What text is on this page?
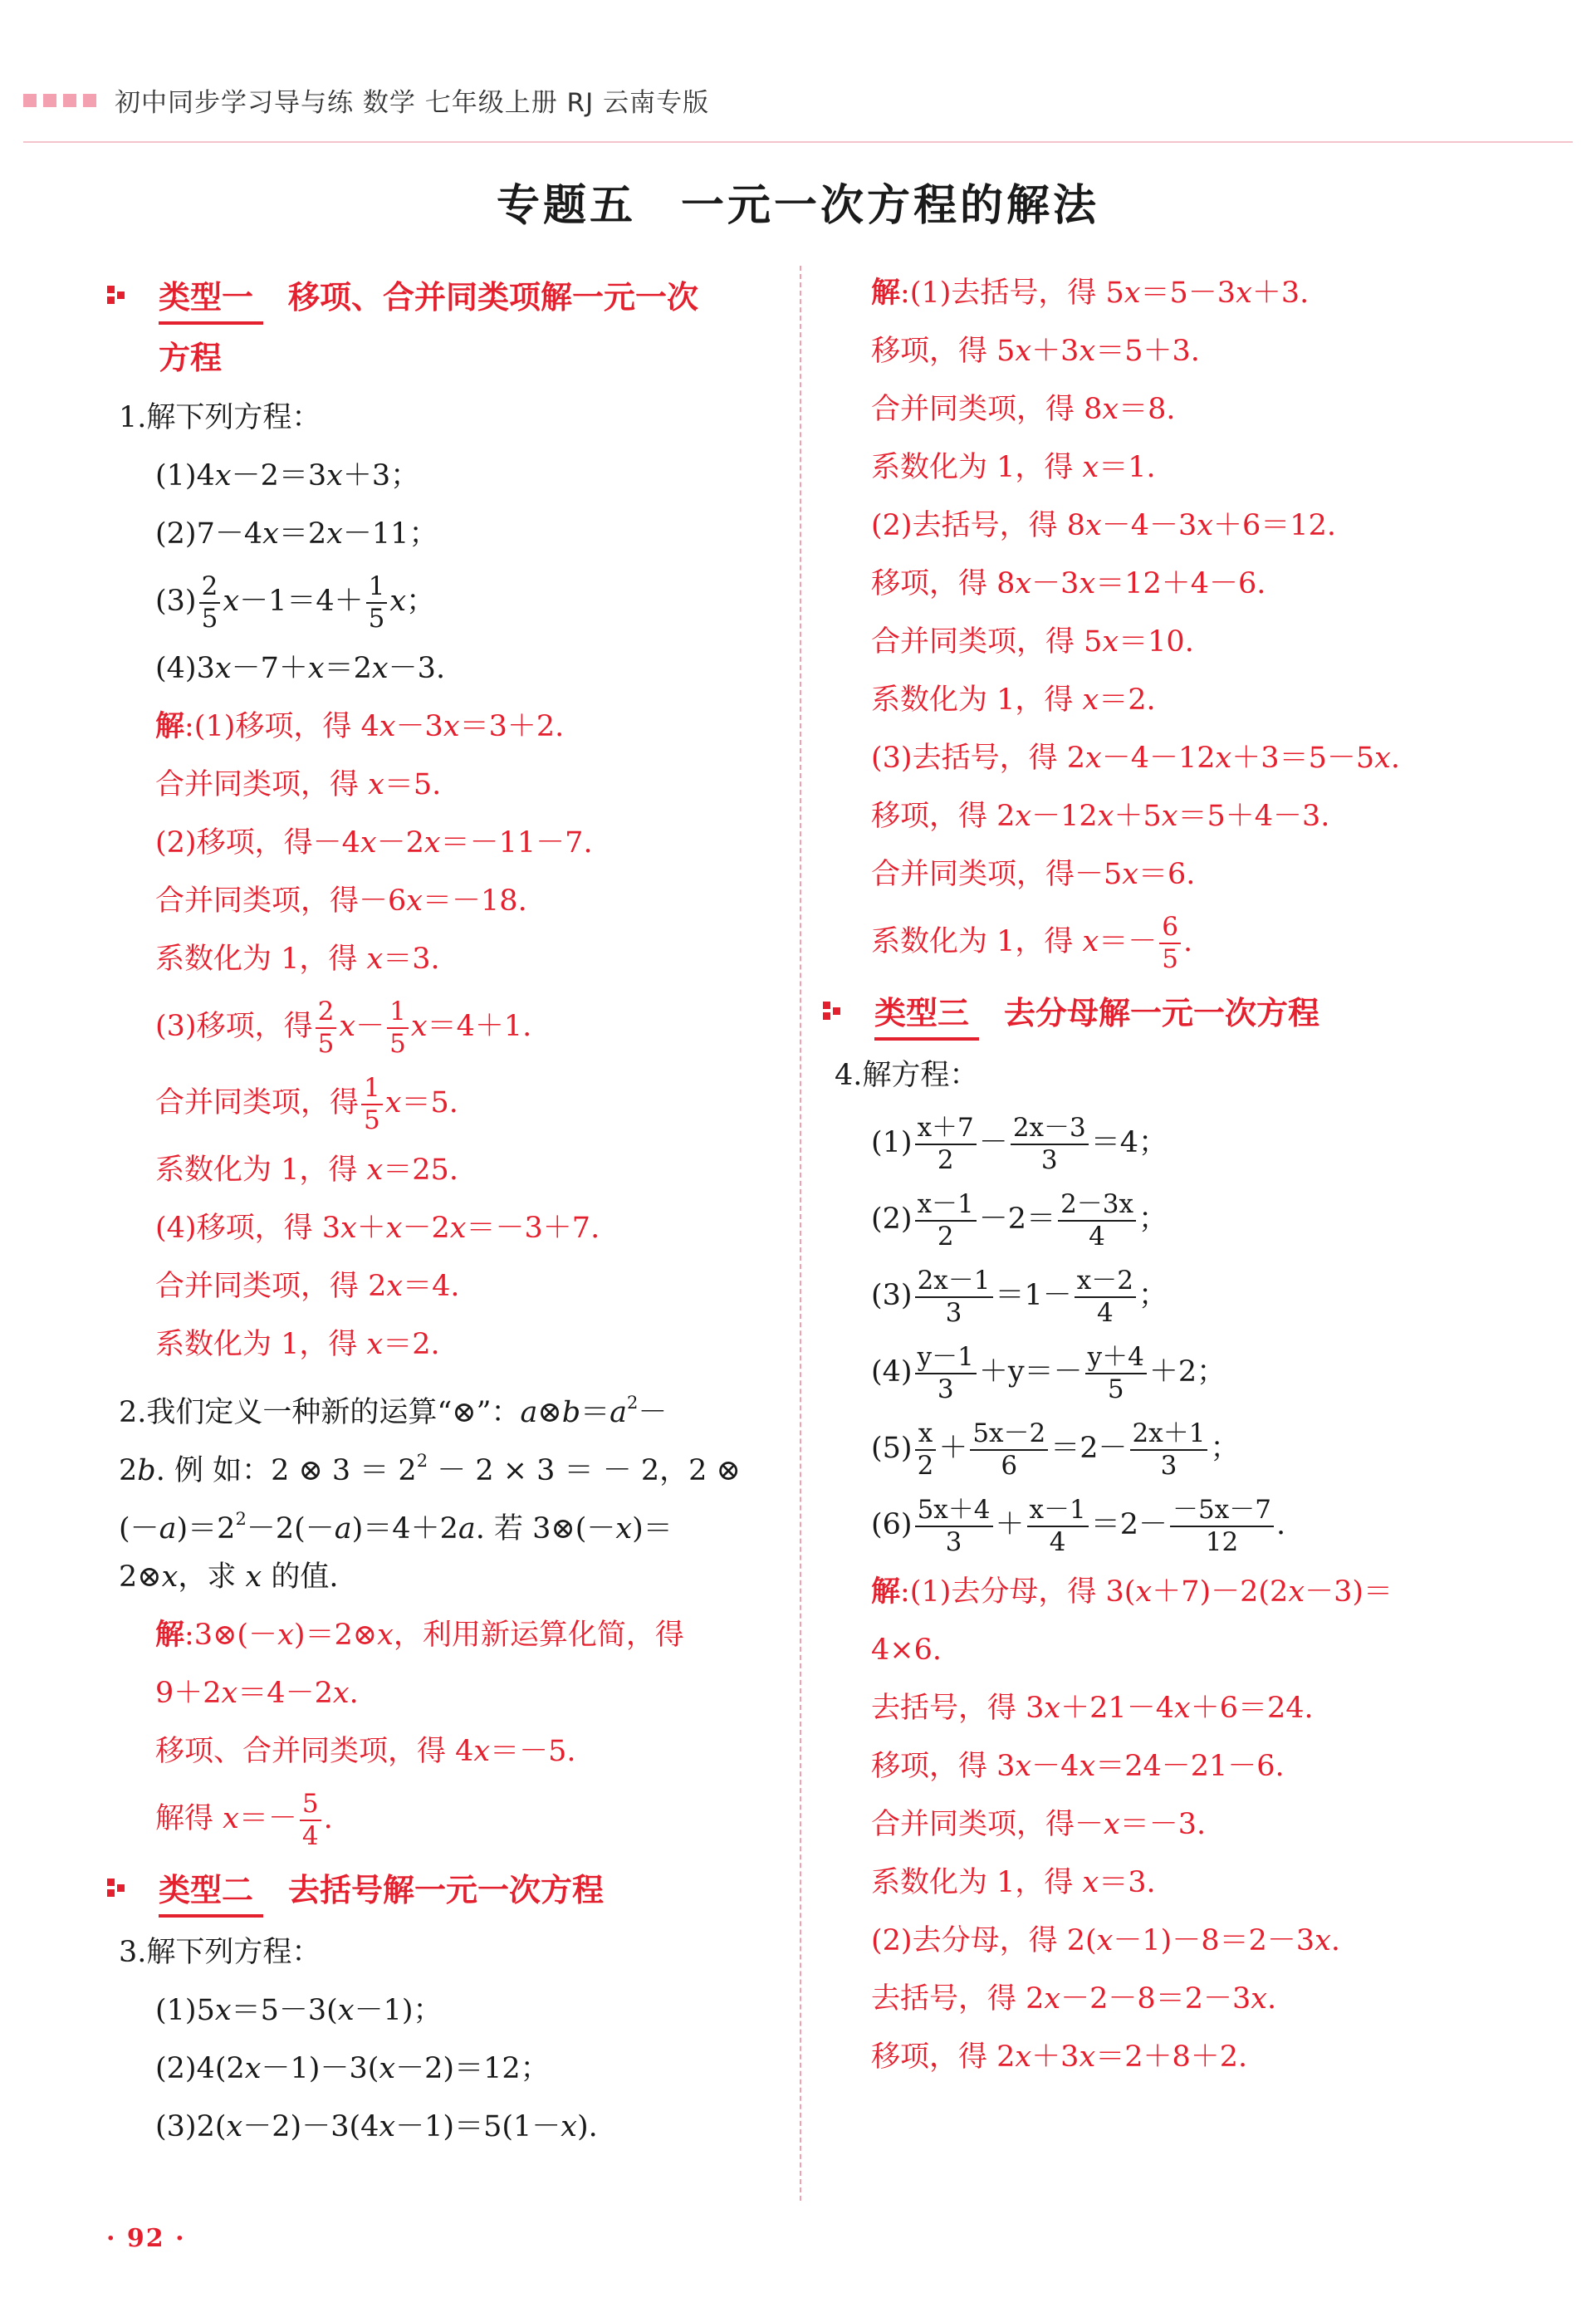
初中同步学习导与练 数学 七年级上册 RJ 云南专版
专题五 一元一次方程的解法
类型一 移项、合并同类项解一元一次
方程
1.解下列方程：
(1)4x－2＝3x＋3；
(2)7－4x＝2x－11；
$(3) \frac{2}{5} x-1=4+ \frac{1}{5}$ x；
(4)3x－7＋x＝2x－3.
解:(1)移项，得 4x－3x＝3＋2.
合并同类项，得 x＝5.
(2)移项，得－4x－2x＝－11－7.
合并同类项，得－6x＝－18.
系数化为 1，得 x＝3.
(3)移项，得 $\frac{2}{5} x- \frac{1}{5} x=4+1$.
合并同类项，得 $\frac{1}{5} x=5$.
系数化为 1，得 x＝25.
(4)移项，得 3x＋x－2x＝－3＋7.
合并同类项，得 2x＝4.
系数化为 1，得 x＝2.
2.我们定义一种新的运算“⊗”：$a\otimes b=a^2-$
2b. 例 如：2 ⊗ $3 = 2^2 - 2 \times 3$ ＝ － 2，2 ⊗
$(-a)=2^2-2(-a)=4+2a$. 若 3⊗(－x)＝
2⊗x，求 x 的值.
解:3⊗(－x)＝2⊗x，利用新运算化简，得
9＋2x＝4－2x.
移项、合并同类项，得 4x＝－5.
解得 $x=- \frac{5}{4}$ .
类型二 去括号解一元一次方程
3.解下列方程：
(1)5x＝5－3(x－1)；
(2)4(2x－1)－3(x－2)＝12；
(3)2(x－2)－3(4x－1)＝5(1－x).
解:(1)去括号，得 5x＝5－3x＋3.
移项，得 5x＋3x＝5＋3.
合并同类项，得 8x＝8.
系数化为 1，得 x＝1.
(2)去括号，得 8x－4－3x＋6＝12.
移项，得 8x－3x＝12＋4－6.
合并同类项，得 5x＝10.
系数化为 1，得 x＝2.
(3)去括号，得 2x－4－12x＋3＝5－5x.
移项，得 2x－12x＋5x＝5＋4－3.
合并同类项，得－5x＝6.
系数化为 1，得 $x=- \frac{6}{5}$ .
类型三 去分母解一元一次方程
4.解方程：
$(1) \frac{x+7}{2} - \frac{2x-3}{3} =4$；
$(2) \frac{x-1}{2} -2= \frac{2-3x}{4}$ ；
$(3) \frac{2x-1}{3} =1- \frac{x-2}{4}$ ；
$(4) \frac{y-1}{3} +y=- \frac{y+4}{5} +2$；
$(5) \frac{x}{2} + \frac{5x-2}{6} =2- \frac{2x+1}{3}$ ；
$(6) \frac{5x+4}{3} + \frac{x-1}{4} =2- \frac{-5x-7}{12}$ .
解:(1)去分母，得 3(x＋7)－2(2x－3)＝
4×6.
去括号，得 3x＋21－4x＋6＝24.
移项，得 3x－4x＝24－21－6.
合并同类项，得－x＝－3.
系数化为 1，得 x＝3.
(2)去分母，得 2(x－1)－8＝2－3x.
去括号，得 2x－2－8＝2－3x.
移项，得 2x＋3x＝2＋8＋2.
· 92 ·
